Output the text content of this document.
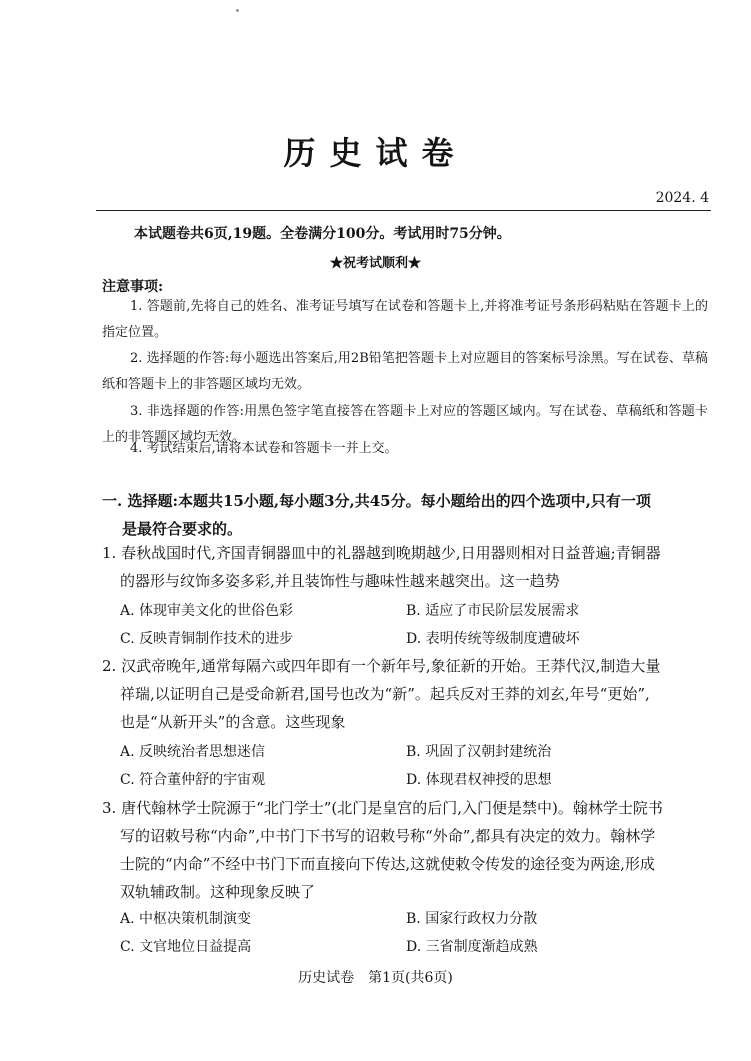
历史试卷
2024. 4
本试题卷共6页,19题。全卷满分100分。考试用时75分钟。
★祝考试顺利★
注意事项:
1. 答题前,先将自己的姓名、准考证号填写在试卷和答题卡上,并将准考证号条形码粘贴在答题卡上的指定位置。
2. 选择题的作答:每小题选出答案后,用2B铅笔把答题卡上对应题目的答案标号涂黑。写在试卷、草稿纸和答题卡上的非答题区域均无效。
3. 非选择题的作答:用黑色签字笔直接答在答题卡上对应的答题区域内。写在试卷、草稿纸和答题卡上的非答题区域均无效。
4. 考试结束后,请将本试卷和答题卡一并上交。
一. 选择题:本题共15小题,每小题3分,共45分。每小题给出的四个选项中,只有一项
是最符合要求的。
1. 春秋战国时代,齐国青铜器皿中的礼器越到晚期越少,日用器则相对日益普遍;青铜器
的器形与纹饰多姿多彩,并且装饰性与趣味性越来越突出。这一趋势
A. 体现审美文化的世俗色彩	B. 适应了市民阶层发展需求
C. 反映青铜制作技术的进步	D. 表明传统等级制度遭破坏
2. 汉武帝晚年,通常每隔六或四年即有一个新年号,象征新的开始。王莽代汉,制造大量
祥瑞,以证明自己是受命新君,国号也改为“新”。起兵反对王莽的刘玄,年号“更始”,
也是“从新开头”的含意。这些现象
A. 反映统治者思想迷信	B. 巩固了汉朝封建统治
C. 符合董仲舒的宇宙观	D. 体现君权神授的思想
3. 唐代翰林学士院源于“北门学士”(北门是皇宫的后门,入门便是禁中)。翰林学士院书
写的诏敕号称“内命”,中书门下书写的诏敕号称“外命”,都具有决定的效力。翰林学
士院的“内命”不经中书门下而直接向下传达,这就使敕令传发的途径变为两途,形成
双轨辅政制。这种现象反映了
A. 中枢决策机制演变	B. 国家行政权力分散
C. 文官地位日益提高	D. 三省制度渐趋成熟
历史试卷　第1页(共6页)
